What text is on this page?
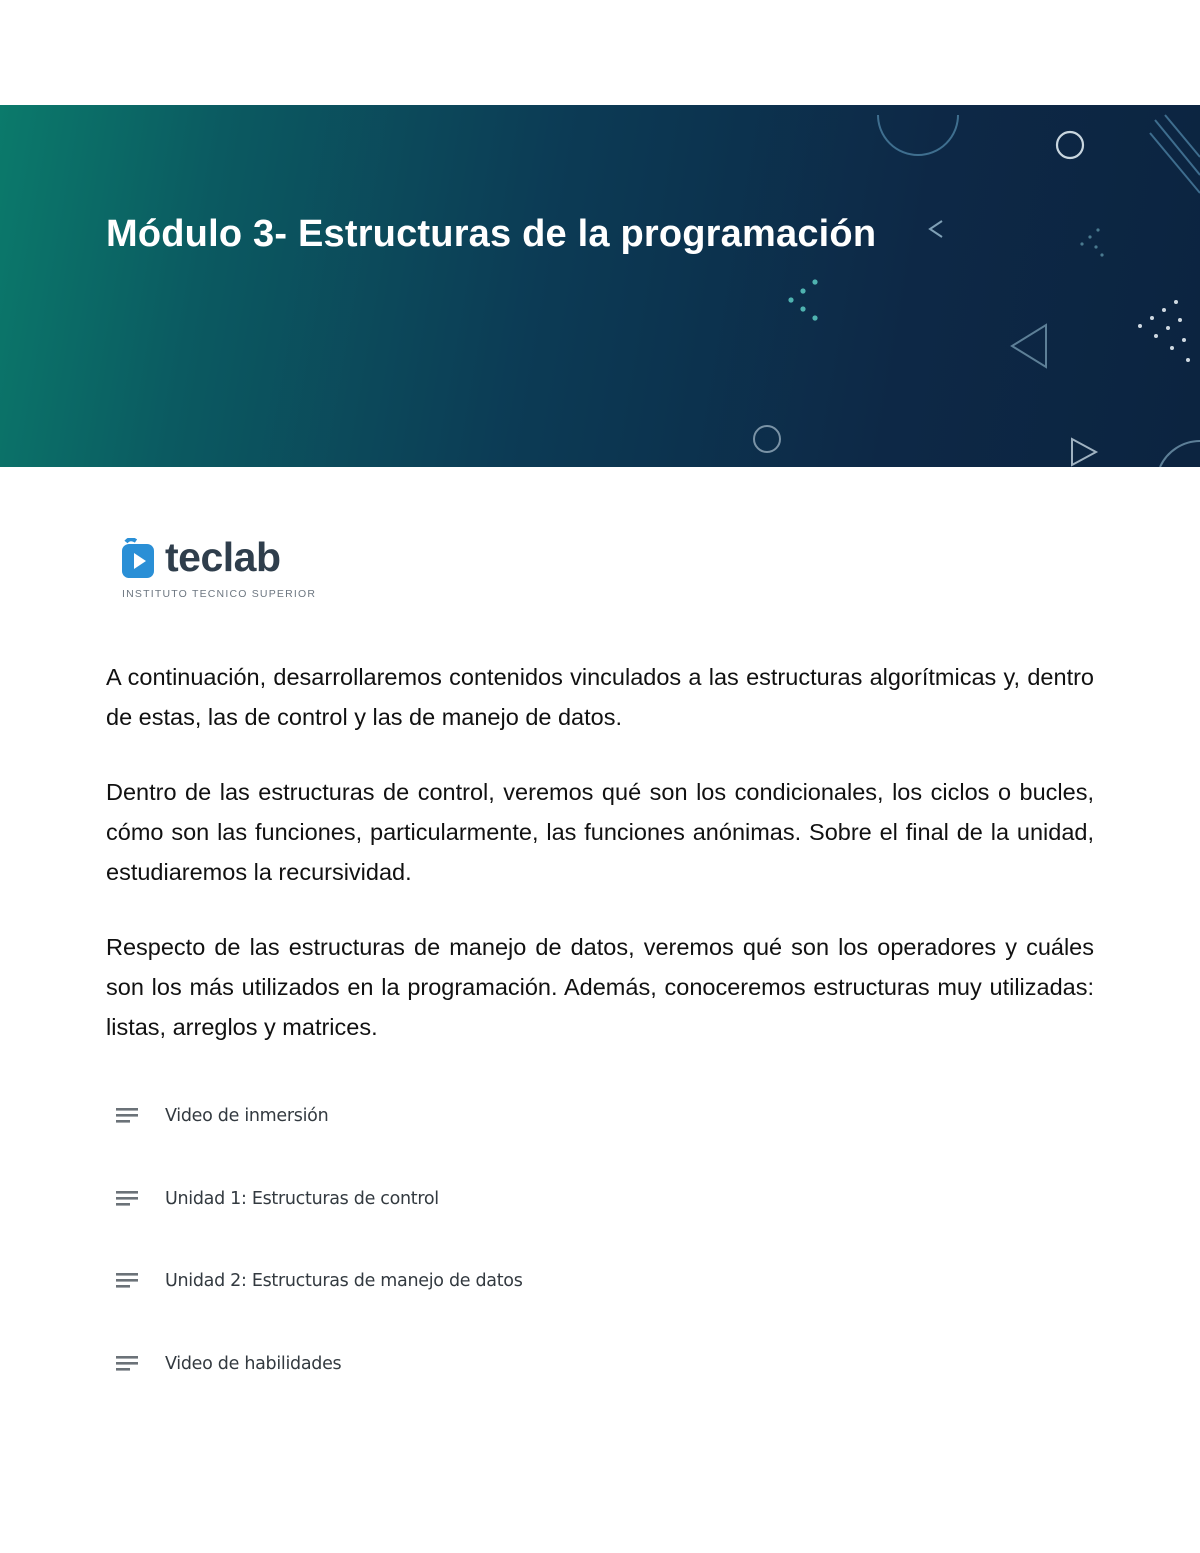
Módulo 3- Estructuras de la programación
teclab
INSTITUTO TECNICO SUPERIOR

A continuación, desarrollaremos contenidos vinculados a las estructuras algorítmicas y, dentro de estas, las de control y las de manejo de datos.

Dentro de las estructuras de control, veremos qué son los condicionales, los ciclos o bucles, cómo son las funciones, particularmente, las funciones anónimas. Sobre el final de la unidad, estudiaremos la recursividad.

Respecto de las estructuras de manejo de datos, veremos qué son los operadores y cuáles son los más utilizados en la programación. Además, conoceremos estructuras muy utilizadas: listas, arreglos y matrices.

Video de inmersión
Unidad 1: Estructuras de control
Unidad 2: Estructuras de manejo de datos
Video de habilidades
